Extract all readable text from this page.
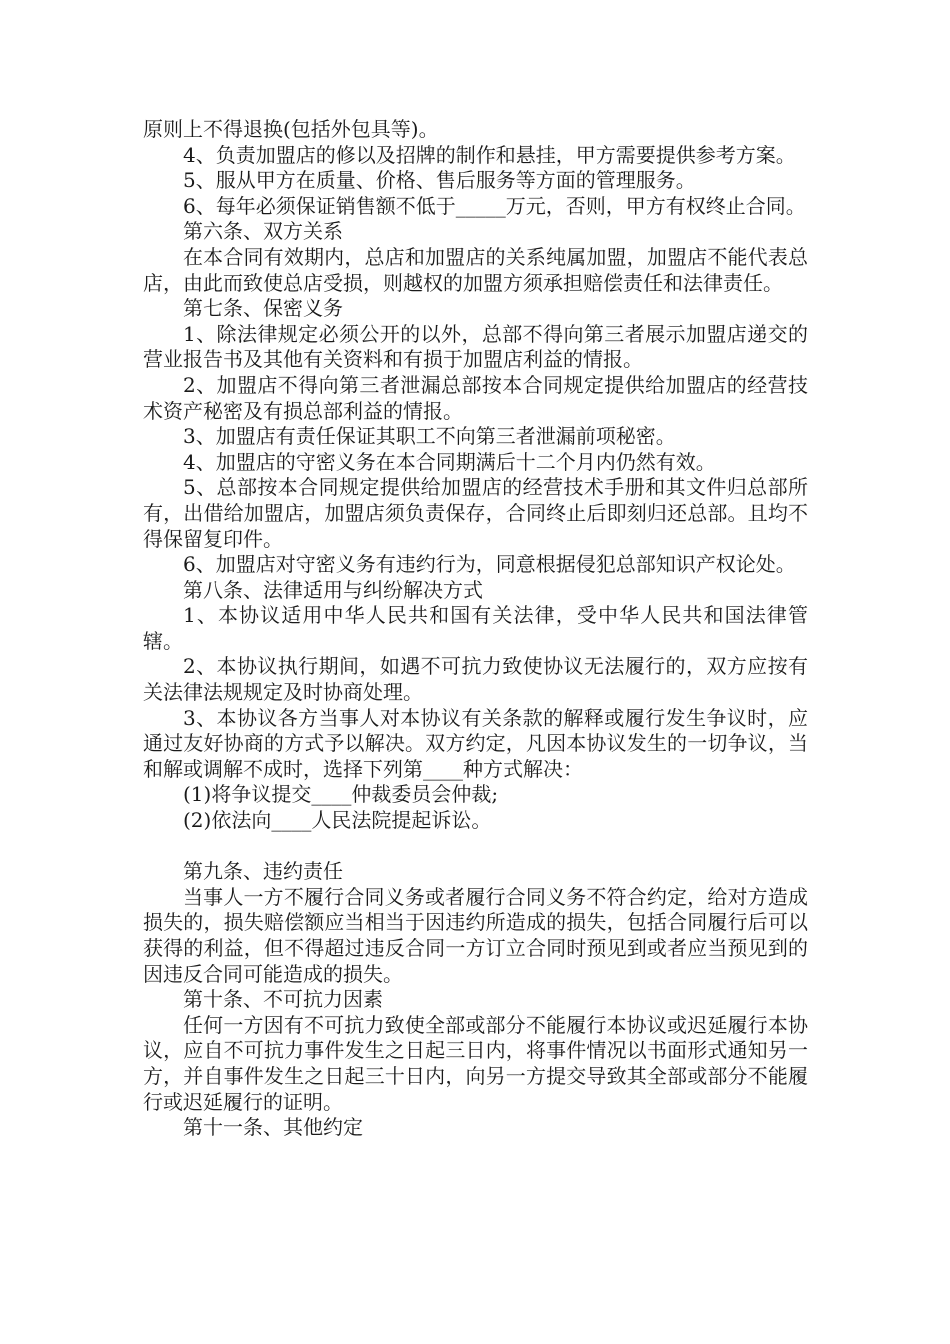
原则上不得退换(包括外包具等)。

4、负责加盟店的修以及招牌的制作和悬挂，甲方需要提供参考方案。

5、服从甲方在质量、价格、售后服务等方面的管理服务。

6、每年必须保证销售额不低于_____万元，否则，甲方有权终止合同。

第六条、双方关系

在本合同有效期内，总店和加盟店的关系纯属加盟，加盟店不能代表总店，由此而致使总店受损，则越权的加盟方须承担赔偿责任和法律责任。

第七条、保密义务

1、除法律规定必须公开的以外，总部不得向第三者展示加盟店递交的营业报告书及其他有关资料和有损于加盟店利益的情报。

2、加盟店不得向第三者泄漏总部按本合同规定提供给加盟店的经营技术资产秘密及有损总部利益的情报。

3、加盟店有责任保证其职工不向第三者泄漏前项秘密。

4、加盟店的守密义务在本合同期满后十二个月内仍然有效。

5、总部按本合同规定提供给加盟店的经营技术手册和其文件归总部所有，出借给加盟店，加盟店须负责保存，合同终止后即刻归还总部。且均不得保留复印件。

6、加盟店对守密义务有违约行为，同意根据侵犯总部知识产权论处。

第八条、法律适用与纠纷解决方式

1、本协议适用中华人民共和国有关法律，受中华人民共和国法律管辖。

2、本协议执行期间，如遇不可抗力致使协议无法履行的，双方应按有关法律法规规定及时协商处理。

3、本协议各方当事人对本协议有关条款的解释或履行发生争议时，应通过友好协商的方式予以解决。双方约定，凡因本协议发生的一切争议，当和解或调解不成时，选择下列第____种方式解决：

(1)将争议提交____仲裁委员会仲裁;

(2)依法向____人民法院提起诉讼。

第九条、违约责任

当事人一方不履行合同义务或者履行合同义务不符合约定，给对方造成损失的，损失赔偿额应当相当于因违约所造成的损失，包括合同履行后可以获得的利益，但不得超过违反合同一方订立合同时预见到或者应当预见到的因违反合同可能造成的损失。

第十条、不可抗力因素

任何一方因有不可抗力致使全部或部分不能履行本协议或迟延履行本协议，应自不可抗力事件发生之日起三日内，将事件情况以书面形式通知另一方，并自事件发生之日起三十日内，向另一方提交导致其全部或部分不能履行或迟延履行的证明。

第十一条、其他约定
